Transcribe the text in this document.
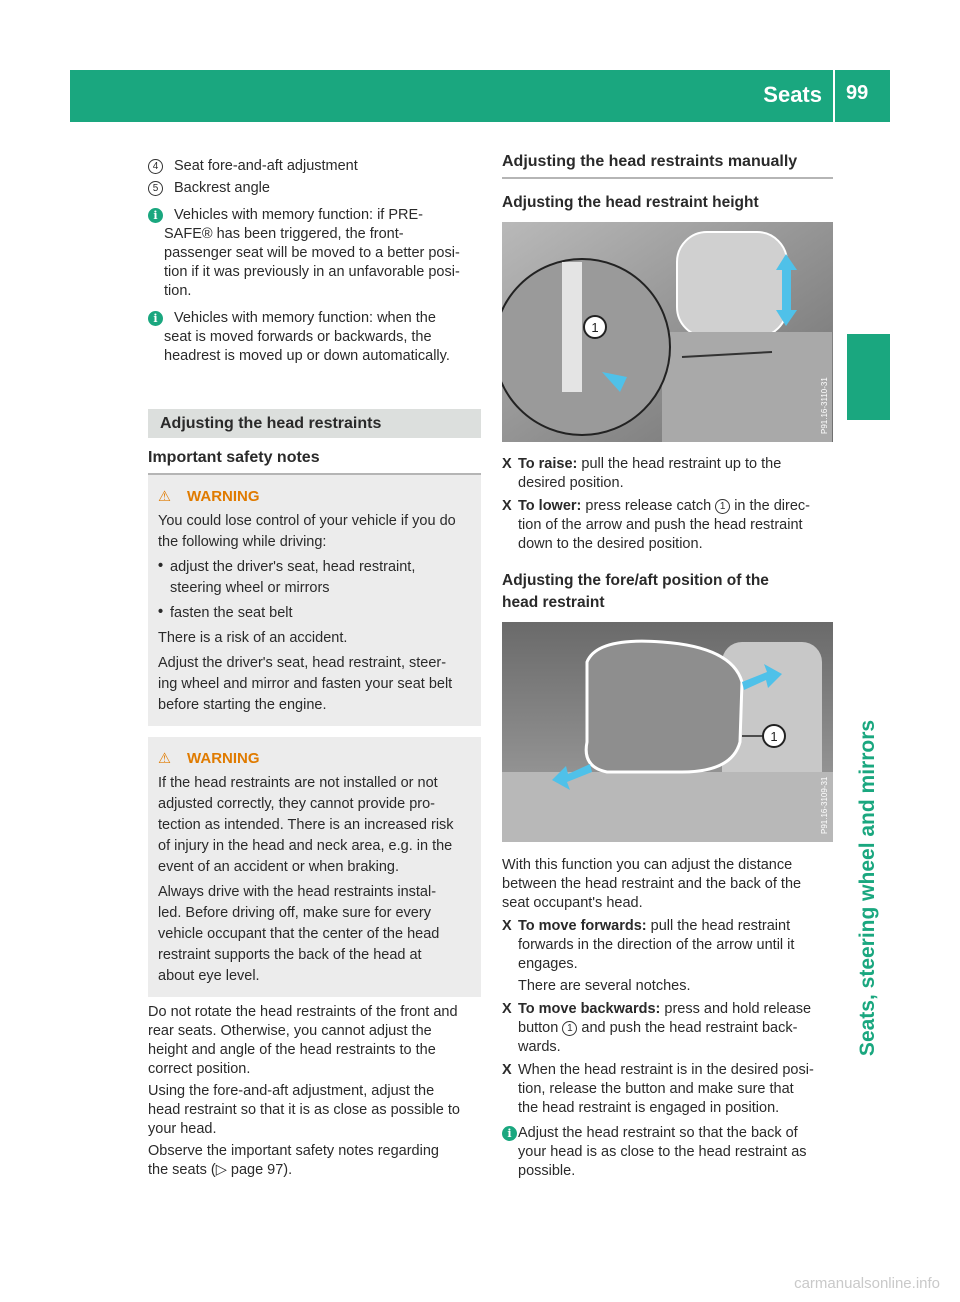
Seats 99
Seats, steering wheel and mirrors
4	Seat fore-and-aft adjustment
5	Backrest angle
i	Vehicles with memory function: if PRE-
SAFE® has been triggered, the front-
passenger seat will be moved to a better posi-
tion if it was previously in an unfavorable posi-
tion.
i	Vehicles with memory function: when the
seat is moved forwards or backwards, the
headrest is moved up or down automatically.
Adjusting the head restraints
Important safety notes
⚠ WARNING

You could lose control of your vehicle if you do

the following while driving:

• adjust the driver's seat, head restraint,

steering wheel or mirrors

• fasten the seat belt

There is a risk of an accident.

Adjust the driver's seat, head restraint, steer-

ing wheel and mirror and fasten your seat belt

before starting the engine.

⚠ WARNING

If the head restraints are not installed or not

adjusted correctly, they cannot provide pro-

tection as intended. There is an increased risk

of injury in the head and neck area, e.g. in the

event of an accident or when braking.

Always drive with the head restraints instal-

led. Before driving off, make sure for every

vehicle occupant that the center of the head

restraint supports the back of the head at

about eye level.

Do not rotate the head restraints of the front and

rear seats. Otherwise, you cannot adjust the

height and angle of the head restraints to the

correct position.

Using the fore-and-aft adjustment, adjust the

head restraint so that it is as close as possible to

your head.

Observe the important safety notes regarding

the seats (▷ page 97).

Adjusting the head restraints manually
Adjusting the head restraint height
1
P91.16-3110-31
X To raise: pull the head restraint up to the

desired position.

X To lower: press release catch 1 in the direc-

tion of the arrow and push the head restraint

down to the desired position.

Adjusting the fore/aft position of the
head restraint
1
P91.16-3109-31

With this function you can adjust the distance

between the head restraint and the back of the

seat occupant's head.

X To move forwards: pull the head restraint

forwards in the direction of the arrow until it

engages.

There are several notches.

X To move backwards: press and hold release

button 1 and push the head restraint back-

wards.

X When the head restraint is in the desired posi-

tion, release the button and make sure that

the head restraint is engaged in position.

i Adjust the head restraint so that the back of

your head is as close to the head restraint as

possible.

carmanualsonline.info
